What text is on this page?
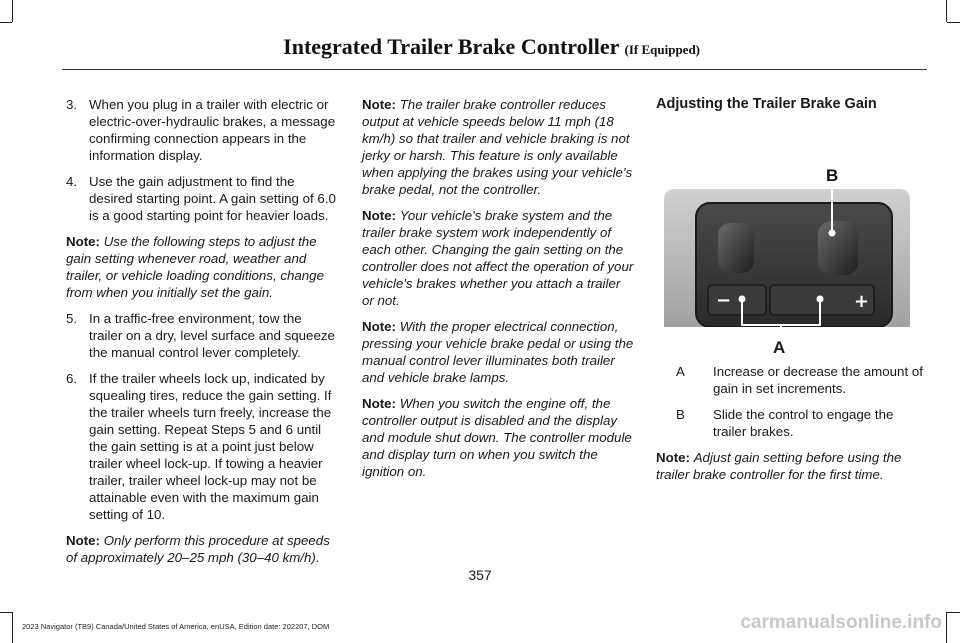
Integrated Trailer Brake Controller (If Equipped)
3. When you plug in a trailer with electric or electric-over-hydraulic brakes, a message confirming connection appears in the information display.
4. Use the gain adjustment to find the desired starting point. A gain setting of 6.0 is a good starting point for heavier loads.

Note: Use the following steps to adjust the gain setting whenever road, weather and trailer, or vehicle loading conditions, change from when you initially set the gain.

5. In a traffic-free environment, tow the trailer on a dry, level surface and squeeze the manual control lever completely.
6. If the trailer wheels lock up, indicated by squealing tires, reduce the gain setting. If the trailer wheels turn freely, increase the gain setting. Repeat Steps 5 and 6 until the gain setting is at a point just below trailer wheel lock-up. If towing a heavier trailer, trailer wheel lock-up may not be attainable even with the maximum gain setting of 10.

Note: Only perform this procedure at speeds of approximately 20–25 mph (30–40 km/h).

Note: The trailer brake controller reduces output at vehicle speeds below 11 mph (18 km/h) so that trailer and vehicle braking is not jerky or harsh. This feature is only available when applying the brakes using your vehicle's brake pedal, not the controller.

Note: Your vehicle's brake system and the trailer brake system work independently of each other. Changing the gain setting on the controller does not affect the operation of your vehicle's brakes whether you attach a trailer or not.

Note: With the proper electrical connection, pressing your vehicle brake pedal or using the manual control lever illuminates both trailer and vehicle brake lamps.

Note: When you switch the engine off, the controller output is disabled and the display and module shut down. The controller module and display turn on when you switch the ignition on.

Adjusting the Trailer Brake Gain
B
−	+
A
A	Increase or decrease the amount of gain in set increments.
B	Slide the control to engage the trailer brakes.

Note: Adjust gain setting before using the trailer brake controller for the first time.

357
2023 Navigator (TB9) Canada/United States of America, enUSA, Edition date: 202207, DOM	carmanualsonline.info
